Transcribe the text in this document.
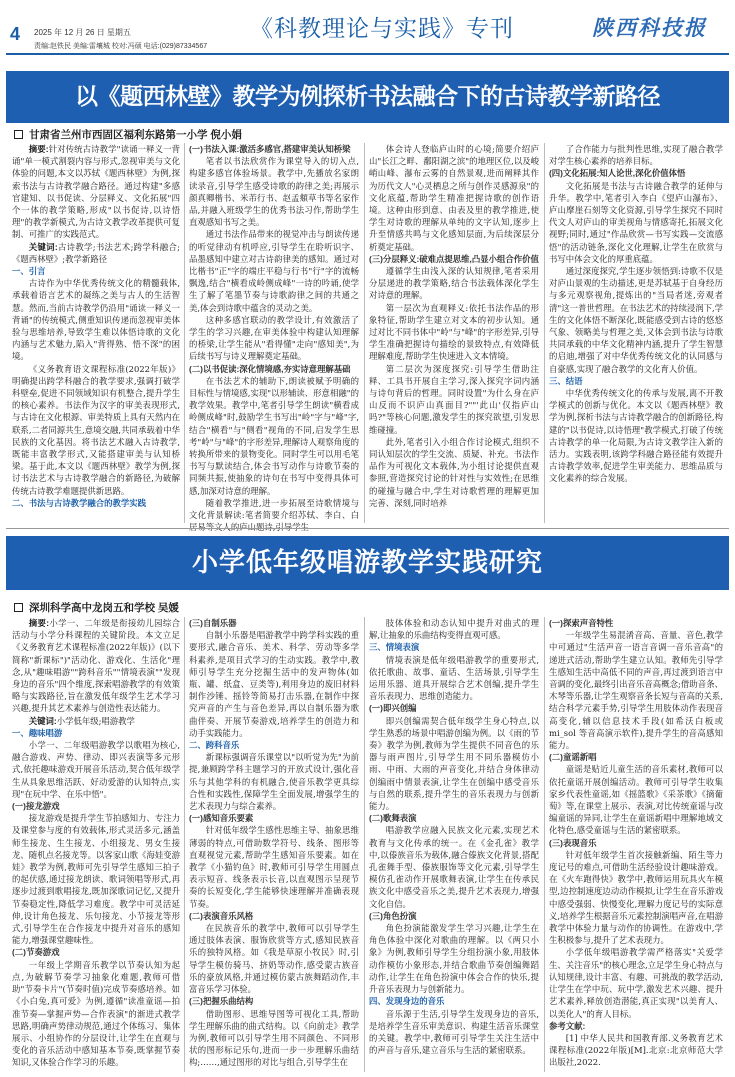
4 2025 年 12 月 26 日 星期五
责编:赵铁民 美编:雷壤城 校对:冯硕 电话:(029)87334567
《科教理论与实践》专刊	陕西科技报
以《题西林壁》教学为例探析书法融合下的古诗教学新路径
甘肃省兰州市西固区福利东路第一小学 倪小娟

摘要:针对传统古诗教学"读诵一释义一背诵"单一模式割裂内容与形式,忽视审美与文化体验的问题,本文以苏轼《题西林壁》为例,探索书法与古诗教学融合路径。通过构建"多感官建知、以书促读、分层释义、文化拓展"四个一体的教学策略,形成"以书促诗,以诗悟理"的教学新模式,为古诗文教学改革提供可复制、可推广的实践范式。

关键词:古诗教学;书法艺术;跨学科融合;《题西林壁》;教学新路径

一、引言

古诗作为中华优秀传统文化的精髓载体,承载着语言艺术的凝练之美与古人的生活智慧。然而,当前古诗教学仍沿用"诵读一释义一背诵"的传统模式,侧重知识传递而忽视审美体验与思维培养,导致学生难以体悟诗歌的文化内涵与艺术魅力,陷入"背得熟、悟不深"的困境。

《义务教育语文课程标准(2022年版)》明确提出跨学科融合的教学要求,强调打破学科壁垒,促进不同领域知识有机整合,提升学生的核心素养。书法作为汉字的审美表现形式,与古诗在文化根源、审美特质上具有天然内在联系,二者同源共生,意境交融,共同承载着中华民族的文化基因。将书法艺术融入古诗教学,既能丰富教学形式,又能搭建审美与认知桥梁。基于此,本文以《题西林壁》教学为例,探讨书法艺术与古诗教学融合的新路径,为破解传统古诗教学难题提供新思路。

二、书法与古诗教学融合的教学实践

(一)书法入课:激活多感官,搭建审美认知桥梁

笔者以书法欣赏作为课堂导入的切入点,构建多感官体验场景。教学中,先播放名家朗读录音,引导学生感受诗歌的韵律之美;再展示颜真卿楷书、米芾行书、赵孟頫草书等名家作品,并融入班级学生的优秀书法习作,帮助学生直观感知书写之美。

通过书法作品带来的视觉冲击与朗读传递的听觉律动有机呼应,引导学生在聆听识字、品墨感知中建立对古诗韵律美的感知。通过对比楷书"正"字的端庄平稳与行书"行"字的流畅飘逸,结合"横看成岭侧成峰"一诗的吟诵,使学生了解了笔墨节奏与诗歌韵律之间的共通之美,体会到诗歌中蕴含的灵动之美。

这种多感官联动的教学设计,有效激活了学生的学习兴趣,在审美体验中构建认知理解的桥梁,让学生能从"看得懂"走向"感知美",为后续书写与诗义理解奠定基础。

(二)以书促读:深化情境感,夯实诗意理解基础

在书法艺术的辅助下,朗读被赋予明确的目标性与情境感,实现"以形辅读、形意相融"的教学效果。教学中,笔者引导学生朗读"横看成岭侧成峰"时,鼓励学生书写出"岭"字与"峰"字,结合"横看"与"侧看"视角的不同,启发学生思考"岭"与"峰"的字形差异,理解诗人观察角度的转换所带来的景物变化。同时学生可以用毛笔书写与默读结合,体会书写动作与诗歌节奏的同频共振,使抽象的诗句在书写中变得具体可感,加深对诗意的理解。

随着教学推进,进一步拓展至诗歌情境与文化背景解读:笔者简要介绍苏轼、李白、白

体会诗人登临庐山时的心境;简要介绍庐山"长江之畔、鄱阳湖之滨"的地理区位,以及峻峭山峰、瀑布云雾的自然景观,进而阐释其作为历代文人"心灵栖息之所与创作灵感源泉"的文化底蕴,帮助学生精准把握诗歌的创作语境。这种由形到意、由表及里的教学推进,使学生对诗歌的理解从单纯的文字认知,逐步上升至情感共鸣与文化感知层面,为后续深层分析奠定基础。

(三)分层释义:破难点提思维,凸显小组合作价值

遵循学生由浅入深的认知规律,笔者采用分层递进的教学策略,结合书法载体深化学生对诗意的理解。

第一层次为直观释义:依托书法作品的形象特征,帮助学生建立对文本的初步认知。通过对比不同书体中"岭"与"峰"的字形差异,引导学生准确把握诗句描绘的景致特点,有效降低理解难度,帮助学生快速进入文本情境。

第二层次为深度探究:引导学生借助注释、工具书开展自主学习,深入探究字词内涵与诗句背后的哲理。同时设置"为什么身在庐山反而不识庐山真面目?""'此山'仅指庐山吗?"等核心问题,激发学生的探究欲望,引发思维碰撞。

此外,笔者引入小组合作讨论模式,组织不同认知层次的学生交流、质疑、补充。书法作品作为可视化文本载体,为小组讨论提供直观参照,营造探究讨论的针对性与实效性;在思维的碰撞与融合中,学生对诗歌哲理的理解更加完善、深刻,同时培养

了合作能力与批判性思维,实现了融合教学对学生核心素养的培养目标。

(四)文化拓展:知人论世,深化价值体悟

文化拓展是书法与古诗融合教学的延伸与升华。教学中,笔者引入李白《望庐山瀑布》、庐山摩崖石刻等文化资源,引导学生探究不同时代文人对庐山的审美视角与情感寄托,拓展文化视野;同时,通过"作品欣赏—书写实践—交流感悟"的活动链条,深化文化理解,让学生在欣赏与书写中体会文化的厚重底蕴。

通过深度探究,学生逐步领悟到:诗歌不仅是对庐山景观的生动描述,更是苏轼基于自身经历与多元观察视角,提炼出的"当局者迷,旁观者清"这一普世哲理。在书法艺术的持续浸润下,学生的文化体悟不断深化,既能感受到古诗的悠悠气象、领略美与哲理之美,又体会到书法与诗歌共同承载的中华文化精神内涵,提升了学生智慧的启迪,增强了对中华优秀传统文化的认同感与自豪感,实现了融合教学的文化育人价值。

三、结语

中华优秀传统文化的传承与发展,离不开教学模式的创新与优化。本文以《题西林壁》教学为例,探析书法与古诗教学融合的创新路径,构建的"以书促诗,以诗悟理"教学模式,打破了传统古诗教学的单一化局限,为古诗文教学注入新的活力。实践表明,该跨学科融合路径能有效提升古诗教学效率,促进学生审美能力、思维品质与文化素养的综合发展。

小学低年级唱游教学实践研究
深圳科学高中龙岗五和学校 吴媛

摘要:小学一、二年级是衔接幼儿园综合活动与小学分科课程的关键阶段。本文立足《义务教育艺术课程标准(2022年版)》(以下简称"新课标")"活动化、游戏化、生活化"理念,从"趣味唱游""跨科音乐""情境表演""发现身边的音乐"四个维度,探索唱游教学的有效策略与实践路径,旨在激发低年级学生艺术学习兴趣,提升其艺术素养与创造性表达能力。

关键词:小学低年级;唱游教学

一、趣味唱游

小学一、二年级唱游教学以歌唱为核心,融合游戏、声势、律动、即兴表演等多元形式,依托趣味游戏开展音乐活动,契合低年级学生从具象思维活跃、好动爱游的认知特点,实现"在玩中学、在乐中悟"。

(一)接龙游戏

接龙游戏是提升学生节拍感知力、专注力及课堂参与度的有效载体,形式灵活多元,涵盖师生接龙、生生接龙、小组接龙、男女生接龙、随机点名接龙等。以客家山歌《海娃变游娃》教学为例,教师可先引导学生感知三拍子的起伏感,通过接龙朗读、歌词领唱等形式,再逐步过渡到歌唱接龙,既加深歌词记忆,又提升节奏稳定性,降低学习难度。教学中可灵活延伸,设计角色接龙、乐句接龙、小节接龙等形式,引导学生在合作接龙中提升对音乐的感知能力,增强课堂趣味性。

(二)节奏游戏

一年级上学期音乐教学以节奏认知为起点,为破解节奏学习抽象化难题,教师可借助"节奏卡片"(节奏时值)完成节奏感培养。如《小白兔,真可爱》为例,遵循"读准童谣—拍准节奏—掌握声势—合作表演"的渐进式教学思路,明确声势律动规范,通过个体练习、集体展示、小组协作的分层设计,让学生在直观与变化的音乐活动中感知基本节奏,既掌握节奏知识,又体验合作学习的乐趣。

(三)自制乐器

自制小乐器是唱游教学中跨学科实践的重要形式,融合音乐、美术、科学、劳动等多学科素养,是项目式学习的生动实践。教学中,教师引导学生充分挖掘生活中的发声物体(如瓶、罐、纸盒、豆类等),利用身边的废旧材料制作沙锤、摇铃等简易打击乐器,在制作中探究声音的产生与音色差异,再以自制乐器为歌曲伴奏、开展节奏游戏,培养学生的创造力和动手实践能力。

二、跨科音乐

新课标强调音乐课堂以"以听觉为先"为前提,兼顾跨学科主题学习的开放式设计,强化音乐与其他学科的有机融合,使音乐教学更具综合性和实践性,保障学生全面发展,增强学生的艺术表现力与综合素养。

(一)感知音乐要素

针对低年级学生感性思维主导、抽象思维薄弱的特点,可借助数学符号、线条、图形等直观视觉元素,帮助学生感知音乐要素。如在教学《小猫钓鱼》时,教师可引导学生用圆点表示短音、线条表示长音,以直观图示呈现节奏的长短变化,学生能够快速理解并准确表现节奏。

(二)表演音乐风格

在民族音乐的教学中,教师可以引导学生通过肢体表演、服饰欣赏等方式,感知民族音乐的独特风格。如《我是草原小牧民》时,引导学生模仿骑马、挤奶等动作,感受蒙古族音乐的豪放风格,并通过模仿蒙古族舞蹈动作,丰富音乐学习体验。

(三)把握乐曲结构

借助图形、思维导图等可视化工具,帮助学生理解乐曲的曲式结构。以《向前走》教学为例,教师可以引导学生用不同颜色、不同形状的图形标记乐句,进而一步一步理解乐曲结构;……,通过图形的对比与组合,引导学生在

肢体体验和动态认知中提升对曲式的理解,让抽象的乐曲结构变得直观可感。

三、情境表演

情境表演是低年级唱游教学的重要形式,依托歌曲、故事、童话、生活场景,引导学生运用乐器、道具开展综合艺术创编,提升学生音乐表现力、思维创造能力。

(一)即兴创编

即兴创编需契合低年级学生身心特点,以学生熟悉的场景中唱游创编为例。以《雨的节奏》教学为例,教师为学生提供不同音色的乐器与雨声图片,引导学生用不同乐器模仿小雨、中雨、大雨的声音变化,并结合身体律动创编雨中情景表演,让学生在创编中感受音乐与自然的联系,提升学生的音乐表现力与创新能力。

(二)歌舞表演

唱游教学应融入民族文化元素,实现艺术教育与文化传承的统一。在《金孔雀》教学中,以傣族音乐为载体,融合傣族文化背景,搭配孔雀舞手型、傣族服饰等文化元素,引导学生模仿孔雀动作开展歌舞表演,让学生在传承民族文化中感受音乐之美,提升艺术表现力,增强文化自信。

(三)角色扮演

角色扮演能激发学生学习兴趣,让学生在角色体验中深化对歌曲的理解。以《两只小象》为例,教师引导学生分组扮演小象,用肢体动作模仿小象形态,并结合歌曲节奏创编舞蹈动作,让学生在角色扮演中体会合作的快乐,提升音乐表现力与创新能力。

四、发现身边的音乐

音乐源于生活,引导学生发现身边的音乐,是培养学生音乐审美意识、构建生活音乐课堂的关键。教学中,教师可引导学生关注生活中的声音与音乐,建立音乐与生活的紧密联系。

(一)探索声音特性

一年级学生易混淆音高、音量、音色,教学中可通过"生活声音一语言音调一音乐音高"的递进式活动,帮助学生建立认知。教师先引导学生感知生活中高低不同的声音,再过渡到语言中音调的变化,最终引出音乐音高概念;借助音条、木琴等乐器,让学生观察音条长短与音高的关系,结合科学元素手势,引导学生用肢体动作表现音高变化,辅以信息技术手段(如希沃白板或 mi_sol 等音高演示软件),提升学生的音高感知能力。

(二)童谣新唱

童谣是贴近儿童生活的音乐素材,教师可以依托童谣开展创编活动。教师可引导学生收集家乡代表性童谣,如《摇篮歌》《采茶歌》《摘葡萄》等,在课堂上展示、表演,对比传统童谣与改编童谣的异同,让学生在童谣新唱中理解地域文化特色,感受童谣与生活的紧密联系。

(三)表现音乐

针对低年级学生首次接触新编、陌生等力度记号的难点,可借助生活经验设计趣味游戏。在《火车跑得快》教学中,教师运用玩具火车模型,边控制速度边动动作模拟,让学生在音乐游戏中感受强弱、快慢变化,理解力度记号的实际意义,培养学生根据音乐元素控制演唱声音,在唱游教学中体验力量与动作的协调性。在游戏中,学生积极参与,提升了艺术表现力。

小学低年级唱游教学需严格落实"关爱学生、关注音乐"的核心理念,立足学生身心特点与认知规律,设计丰富、有趣、可挑战的教学活动,让学生在学中玩、玩中学,激发艺术兴趣、提升艺术素养,释放创造潜能,真正实现"以美育人、以美化人"的育人目标。

参考文献:

[1] 中华人民共和国教育部.义务教育艺术课程标准(2022年版)[M].北京:北京师范大学出版社,2022.
